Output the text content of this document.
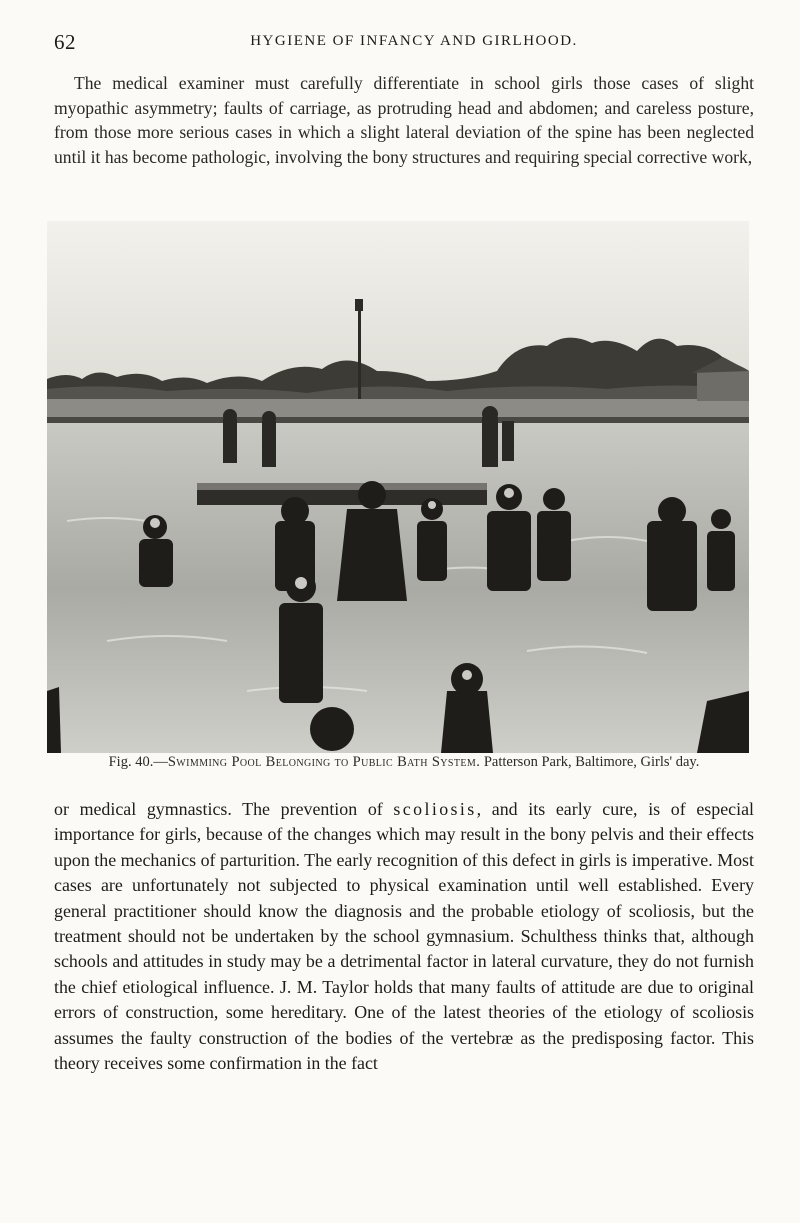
62	HYGIENE OF INFANCY AND GIRLHOOD.
The medical examiner must carefully differentiate in school girls those cases of slight myopathic asymmetry; faults of carriage, as protruding head and abdomen; and careless posture, from those more serious cases in which a slight lateral deviation of the spine has been neglected until it has become pathologic, involving the bony structures and requiring special corrective work,
Fig. 40.—Swimming Pool Belonging to Public Bath System. Patterson Park, Baltimore, Girls' day.
or medical gymnastics. The prevention of scoliosis, and its early cure, is of especial importance for girls, because of the changes which may result in the bony pelvis and their effects upon the mechanics of parturition. The early recognition of this defect in girls is imperative. Most cases are unfortunately not subjected to physical examination until well established. Every general practitioner should know the diagnosis and the probable etiology of scoliosis, but the treatment should not be undertaken by the school gymnasium. Schulthess thinks that, although schools and attitudes in study may be a detrimental factor in lateral curvature, they do not furnish the chief etiological influence. J. M. Taylor holds that many faults of attitude are due to original errors of construction, some hereditary. One of the latest theories of the etiology of scoliosis assumes the faulty construction of the bodies of the vertebræ as the predisposing factor. This theory receives some confirmation in the fact
